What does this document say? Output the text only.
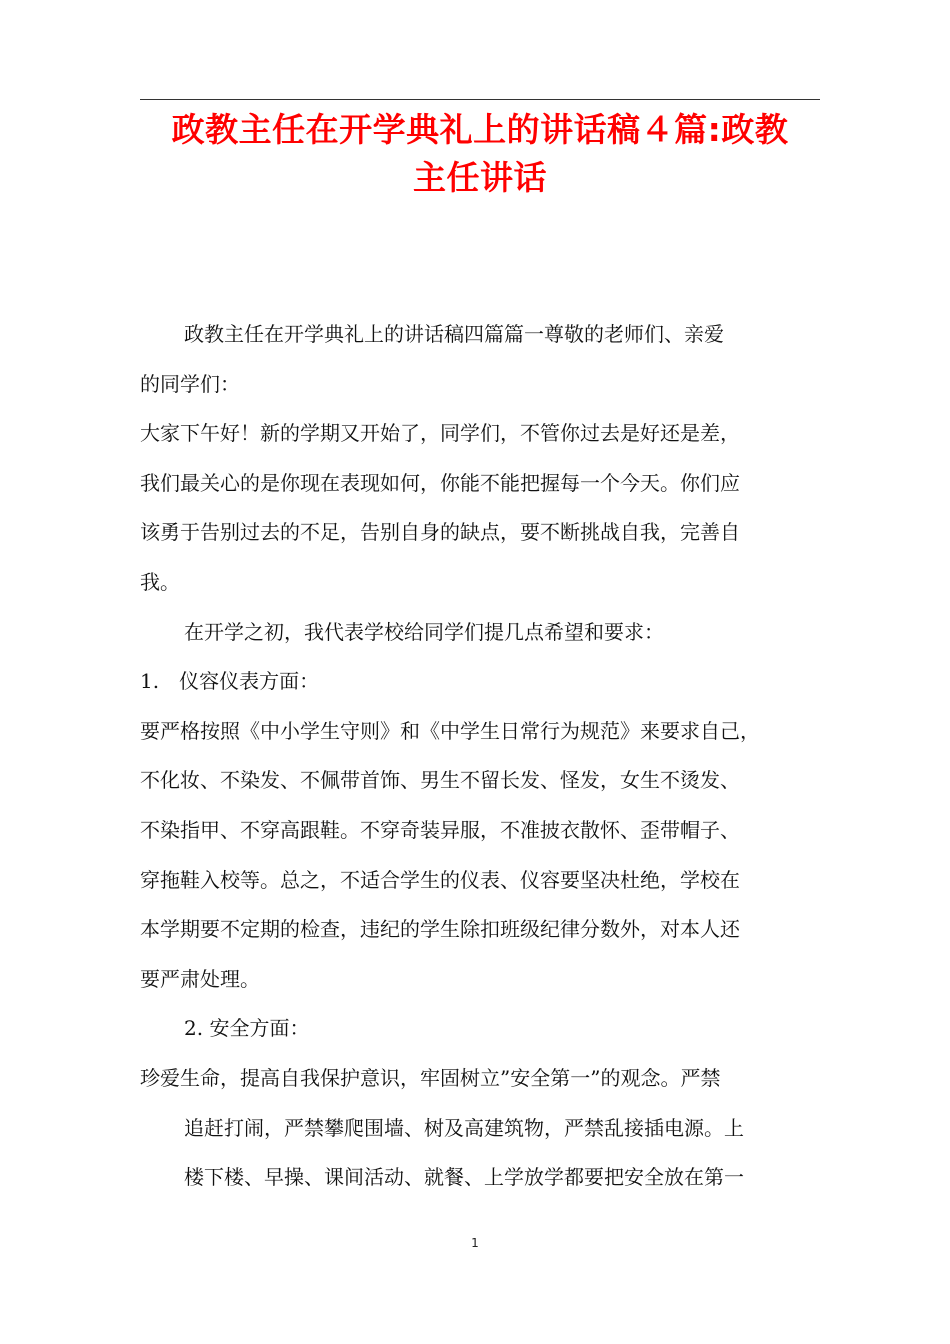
政教主任在开学典礼上的讲话稿４篇:政教
主任讲话

政教主任在开学典礼上的讲话稿四篇篇一尊敬的老师们、亲爱

的同学们：

大家下午好！新的学期又开始了，同学们，不管你过去是好还是差，

我们最关心的是你现在表现如何，你能不能把握每一个今天。你们应

该勇于告别过去的不足，告别自身的缺点，要不断挑战自我，完善自

我。

在开学之初，我代表学校给同学们提几点希望和要求：

1.　仪容仪表方面：

要严格按照《中小学生守则》和《中学生日常行为规范》来要求自己，

不化妆、不染发、不佩带首饰、男生不留长发、怪发，女生不烫发、

不染指甲、不穿高跟鞋。不穿奇装异服，不准披衣散怀、歪带帽子、

穿拖鞋入校等。总之，不适合学生的仪表、仪容要坚决杜绝，学校在

本学期要不定期的检查，违纪的学生除扣班级纪律分数外，对本人还

要严肃处理。

2. 安全方面：

珍爱生命，提高自我保护意识，牢固树立”安全第一”的观念。严禁

追赶打闹，严禁攀爬围墙、树及高建筑物，严禁乱接插电源。上

楼下楼、早操、课间活动、就餐、上学放学都要把安全放在第一

1
